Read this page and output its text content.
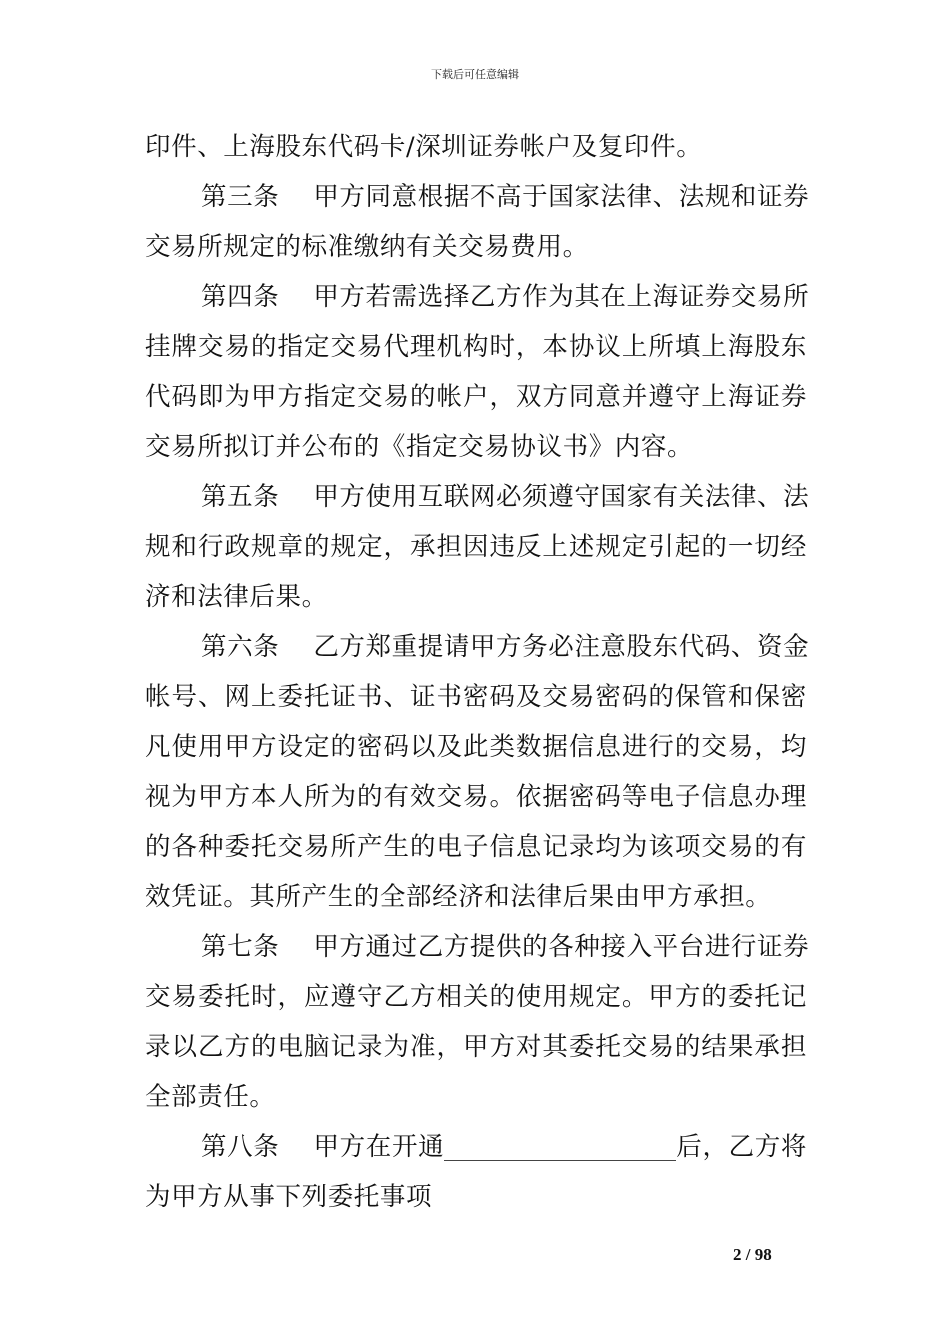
下载后可任意编辑
印件、上海股东代码卡/深圳证券帐户及复印件。
第三条 甲方同意根据不高于国家法律、法规和证券
交易所规定的标准缴纳有关交易费用。
第四条 甲方若需选择乙方作为其在上海证券交易所
挂牌交易的指定交易代理机构时，本协议上所填上海股东
代码即为甲方指定交易的帐户，双方同意并遵守上海证券
交易所拟订并公布的《指定交易协议书》内容。
第五条 甲方使用互联网必须遵守国家有关法律、法
规和行政规章的规定，承担因违反上述规定引起的一切经
济和法律后果。
第六条 乙方郑重提请甲方务必注意股东代码、资金
帐号、网上委托证书、证书密码及交易密码的保管和保密
凡使用甲方设定的密码以及此类数据信息进行的交易，均
视为甲方本人所为的有效交易。依据密码等电子信息办理
的各种委托交易所产生的电子信息记录均为该项交易的有
效凭证。其所产生的全部经济和法律后果由甲方承担。
第七条 甲方通过乙方提供的各种接入平台进行证券
交易委托时，应遵守乙方相关的使用规定。甲方的委托记
录以乙方的电脑记录为准，甲方对其委托交易的结果承担
全部责任。
第八条 甲方在开通	后，乙方将
为甲方从事下列委托事项
2 / 98
